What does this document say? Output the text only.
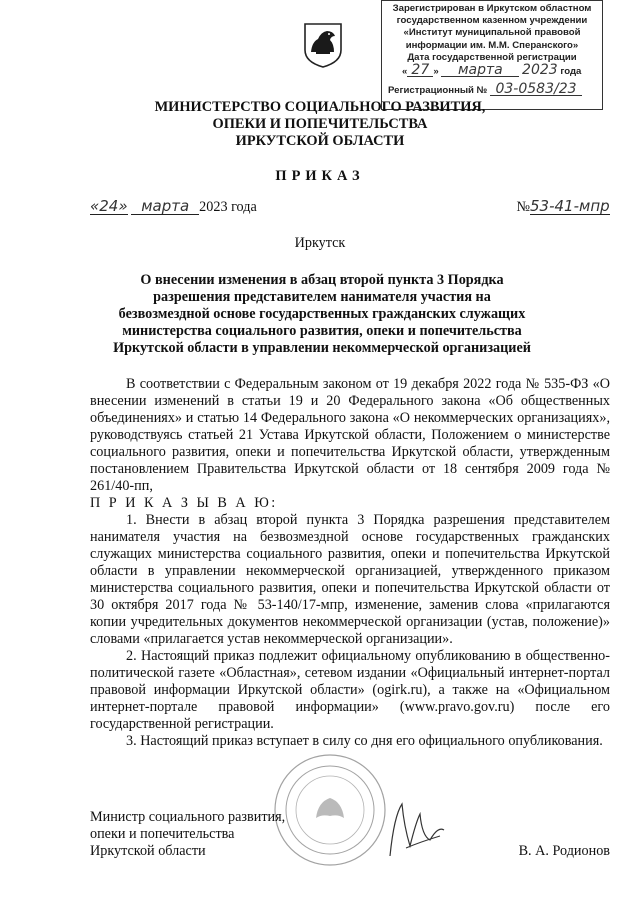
Зарегистрирован в Иркутском областном
государственном казенном учреждении
«Институт муниципальной правовой
информации им. М.М. Сперанского»
Дата государственной регистрации
« 27 » марта 2023 года
Регистрационный № 03-0583/23
МИНИСТЕРСТВО СОЦИАЛЬНОГО РАЗВИТИЯ,
ОПЕКИ И ПОПЕЧИТЕЛЬСТВА
ИРКУТСКОЙ ОБЛАСТИ
ПРИКАЗ
«24» марта 2023 года	№53-41-мпр
Иркутск
О внесении изменения в абзац второй пункта 3 Порядка разрешения представителем нанимателя участия на безвозмездной основе государственных гражданских служащих министерства социального развития, опеки и попечительства Иркутской области в управлении некоммерческой организацией

В соответствии с Федеральным законом от 19 декабря 2022 года № 535-ФЗ «О внесении изменений в статьи 19 и 20 Федерального закона «Об общественных объединениях» и статью 14 Федерального закона «О некоммерческих организациях», руководствуясь статьей 21 Устава Иркутской области, Положением о министерстве социального развития, опеки и попечительства Иркутской области, утвержденным постановлением Правительства Иркутской области от 18 сентября 2009 года № 261/40-пп,

П Р И К А З Ы В А Ю:

1. Внести в абзац второй пункта 3 Порядка разрешения представителем нанимателя участия на безвозмездной основе государственных гражданских служащих министерства социального развития, опеки и попечительства Иркутской области в управлении некоммерческой организацией, утвержденного приказом министерства социального развития, опеки и попечительства Иркутской области от 30 октября 2017 года № 53-140/17-мпр, изменение, заменив слова «прилагаются копии учредительных документов некоммерческой организации (устав, положение)» словами «прилагается устав некоммерческой организации».

2. Настоящий приказ подлежит официальному опубликованию в общественно-политической газете «Областная», сетевом издании «Официальный интернет-портал правовой информации Иркутской области» (ogirk.ru), а также на «Официальном интернет-портале правовой информации» (www.pravo.gov.ru) после его государственной регистрации.

3. Настоящий приказ вступает в силу со дня его официального опубликования.

Министр социального развития,
опеки и попечительства
Иркутской области	В. А. Родионов
